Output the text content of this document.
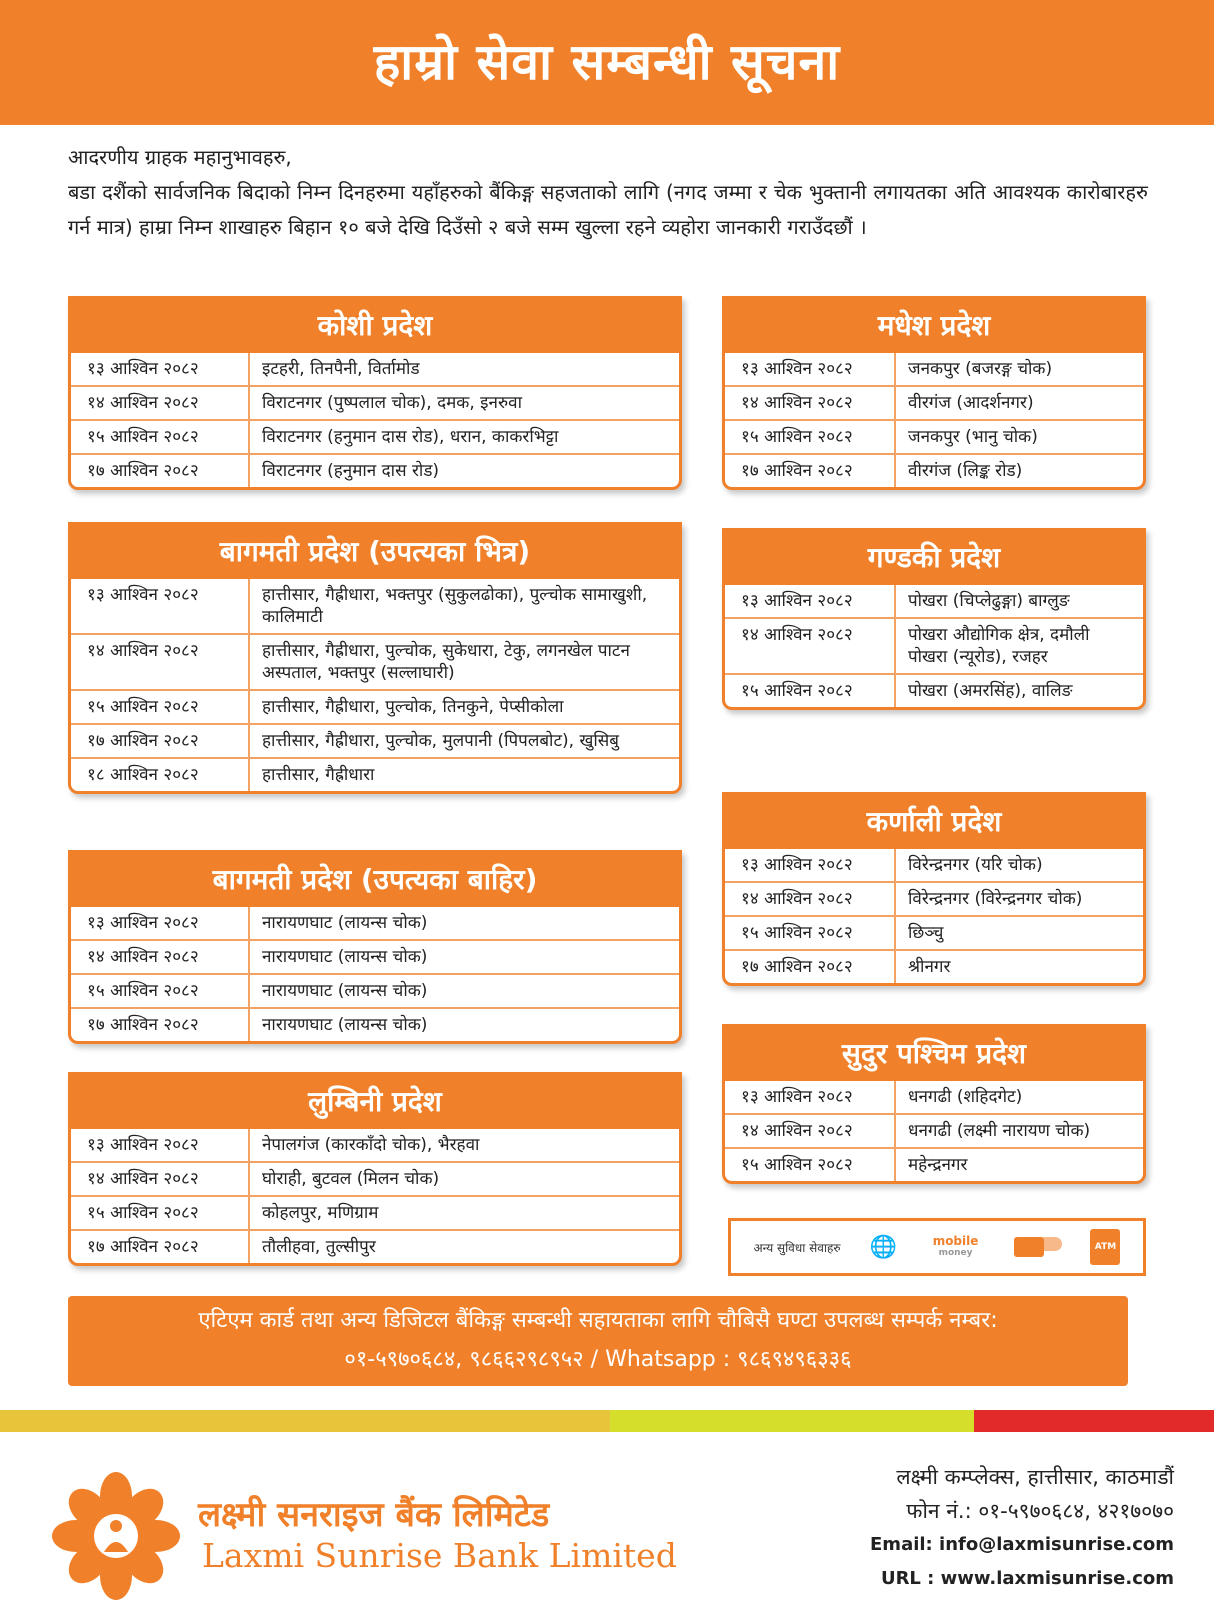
हाम्रो सेवा सम्बन्धी सूचना

आदरणीय ग्राहक महानुभावहरु,

बडा दशैंको सार्वजनिक बिदाको निम्न दिनहरुमा यहाँहरुको बैंकिङ्ग सहजताको लागि (नगद जम्मा र चेक भुक्तानी लगायतका अति आवश्यक कारोबारहरु गर्न मात्र) हाम्रा निम्न शाखाहरु बिहान १० बजे देखि दिउँसो २ बजे सम्म खुल्ला रहने व्यहोरा जानकारी गराउँदछौं ।

कोशी प्रदेश
१३ आश्विन २०८२	इटहरी, तिनपैनी, विर्तामोड
१४ आश्विन २०८२	विराटनगर (पुष्पलाल चोक), दमक, इनरुवा
१५ आश्विन २०८२	विराटनगर (हनुमान दास रोड), धरान, काकरभिट्टा
१७ आश्विन २०८२	विराटनगर (हनुमान दास रोड)
बागमती प्रदेश (उपत्यका भित्र)
१३ आश्विन २०८२	हात्तीसार, गैह्रीधारा, भक्तपुर (सुकुलढोका), पुल्चोक सामाखुशी, कालिमाटी
१४ आश्विन २०८२	हात्तीसार, गैह्रीधारा, पुल्चोक, सुकेधारा, टेकु, लगनखेल पाटन अस्पताल, भक्तपुर (सल्लाघारी)
१५ आश्विन २०८२	हात्तीसार, गैह्रीधारा, पुल्चोक, तिनकुने, पेप्सीकोला
१७ आश्विन २०८२	हात्तीसार, गैह्रीधारा, पुल्चोक, मुलपानी (पिपलबोट), खुसिबु
१८ आश्विन २०८२	हात्तीसार, गैह्रीधारा
बागमती प्रदेश (उपत्यका बाहिर)
१३ आश्विन २०८२	नारायणघाट (लायन्स चोक)
१४ आश्विन २०८२	नारायणघाट (लायन्स चोक)
१५ आश्विन २०८२	नारायणघाट (लायन्स चोक)
१७ आश्विन २०८२	नारायणघाट (लायन्स चोक)
लुम्बिनी प्रदेश
१३ आश्विन २०८२	नेपालगंज (कारकाँदो चोक), भैरहवा
१४ आश्विन २०८२	घोराही, बुटवल (मिलन चोक)
१५ आश्विन २०८२	कोहलपुर, मणिग्राम
१७ आश्विन २०८२	तौलीहवा, तुल्सीपुर
मधेश प्रदेश
१३ आश्विन २०८२	जनकपुर (बजरङ्ग चोक)
१४ आश्विन २०८२	वीरगंज (आदर्शनगर)
१५ आश्विन २०८२	जनकपुर (भानु चोक)
१७ आश्विन २०८२	वीरगंज (लिङ्क रोड)
गण्डकी प्रदेश
१३ आश्विन २०८२	पोखरा (चिप्लेढुङ्गा) बाग्लुङ
१४ आश्विन २०८२	पोखरा औद्योगिक क्षेत्र, दमौली पोखरा (न्यूरोड), रजहर
१५ आश्विन २०८२	पोखरा (अमरसिंह), वालिङ
कर्णाली प्रदेश
१३ आश्विन २०८२	विरेन्द्रनगर (यरि चोक)
१४ आश्विन २०८२	विरेन्द्रनगर (विरेन्द्रनगर चोक)
१५ आश्विन २०८२	छिञ्चु
१७ आश्विन २०८२	श्रीनगर
सुदुर पश्चिम प्रदेश
१३ आश्विन २०८२	धनगढी (शहिदगेट)
१४ आश्विन २०८२	धनगढी (लक्ष्मी नारायण चोक)
१५ आश्विन २०८२	महेन्द्रनगर
अन्य सुविधा सेवाहरु 🌐	mobile
money
ATM
एटिएम कार्ड तथा अन्य डिजिटल बैंकिङ्ग सम्बन्धी सहायताका लागि चौबिसै घण्टा उपलब्ध सम्पर्क नम्बर:
०१-५९७०६८४, ९८६६२९८९५२ / Whatsapp : ९८६९४९६३३६
लक्ष्मी सनराइज बैंक लिमिटेड
Laxmi Sunrise Bank Limited
लक्ष्मी कम्प्लेक्स, हात्तीसार, काठमाडौं
फोन नं.: ०१-५९७०६८४, ४२१७०७०
Email: info@laxmisunrise.com
URL : www.laxmisunrise.com
